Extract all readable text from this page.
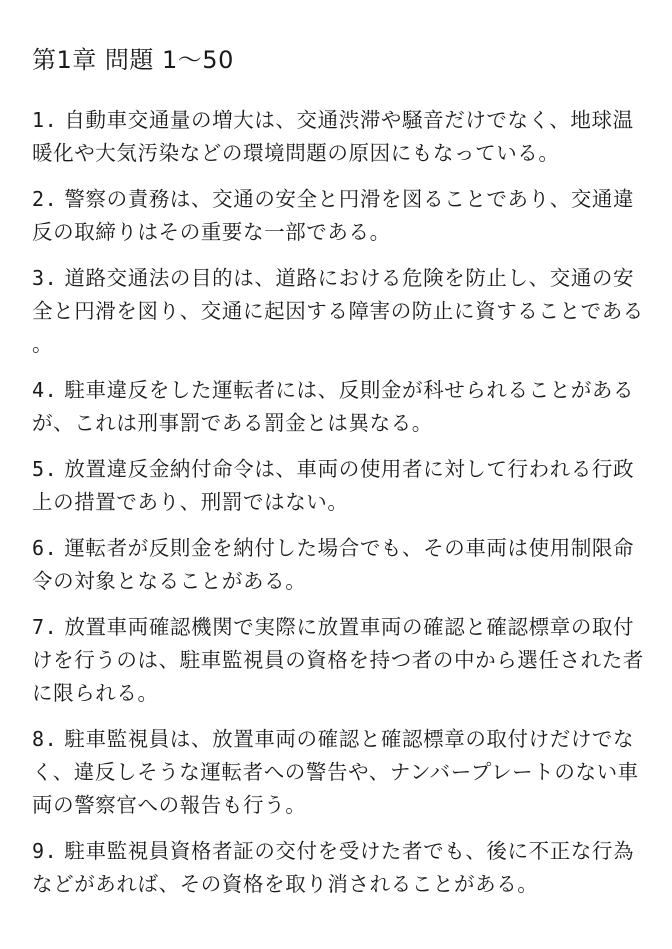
第1章 問題 1〜50
1. 自動車交通量の増大は、交通渋滞や騒音だけでなく、地球温暖化や大気汚染などの環境問題の原因にもなっている。
2. 警察の責務は、交通の安全と円滑を図ることであり、交通違反の取締りはその重要な一部である。
3. 道路交通法の目的は、道路における危険を防止し、交通の安全と円滑を図り、交通に起因する障害の防止に資することである。
4. 駐車違反をした運転者には、反則金が科せられることがあるが、これは刑事罰である罰金とは異なる。
5. 放置違反金納付命令は、車両の使用者に対して行われる行政上の措置であり、刑罰ではない。
6. 運転者が反則金を納付した場合でも、その車両は使用制限命令の対象となることがある。
7. 放置車両確認機関で実際に放置車両の確認と確認標章の取付けを行うのは、駐車監視員の資格を持つ者の中から選任された者に限られる。
8. 駐車監視員は、放置車両の確認と確認標章の取付けだけでなく、違反しそうな運転者への警告や、ナンバープレートのない車両の警察官への報告も行う。
9. 駐車監視員資格者証の交付を受けた者でも、後に不正な行為などがあれば、その資格を取り消されることがある。
